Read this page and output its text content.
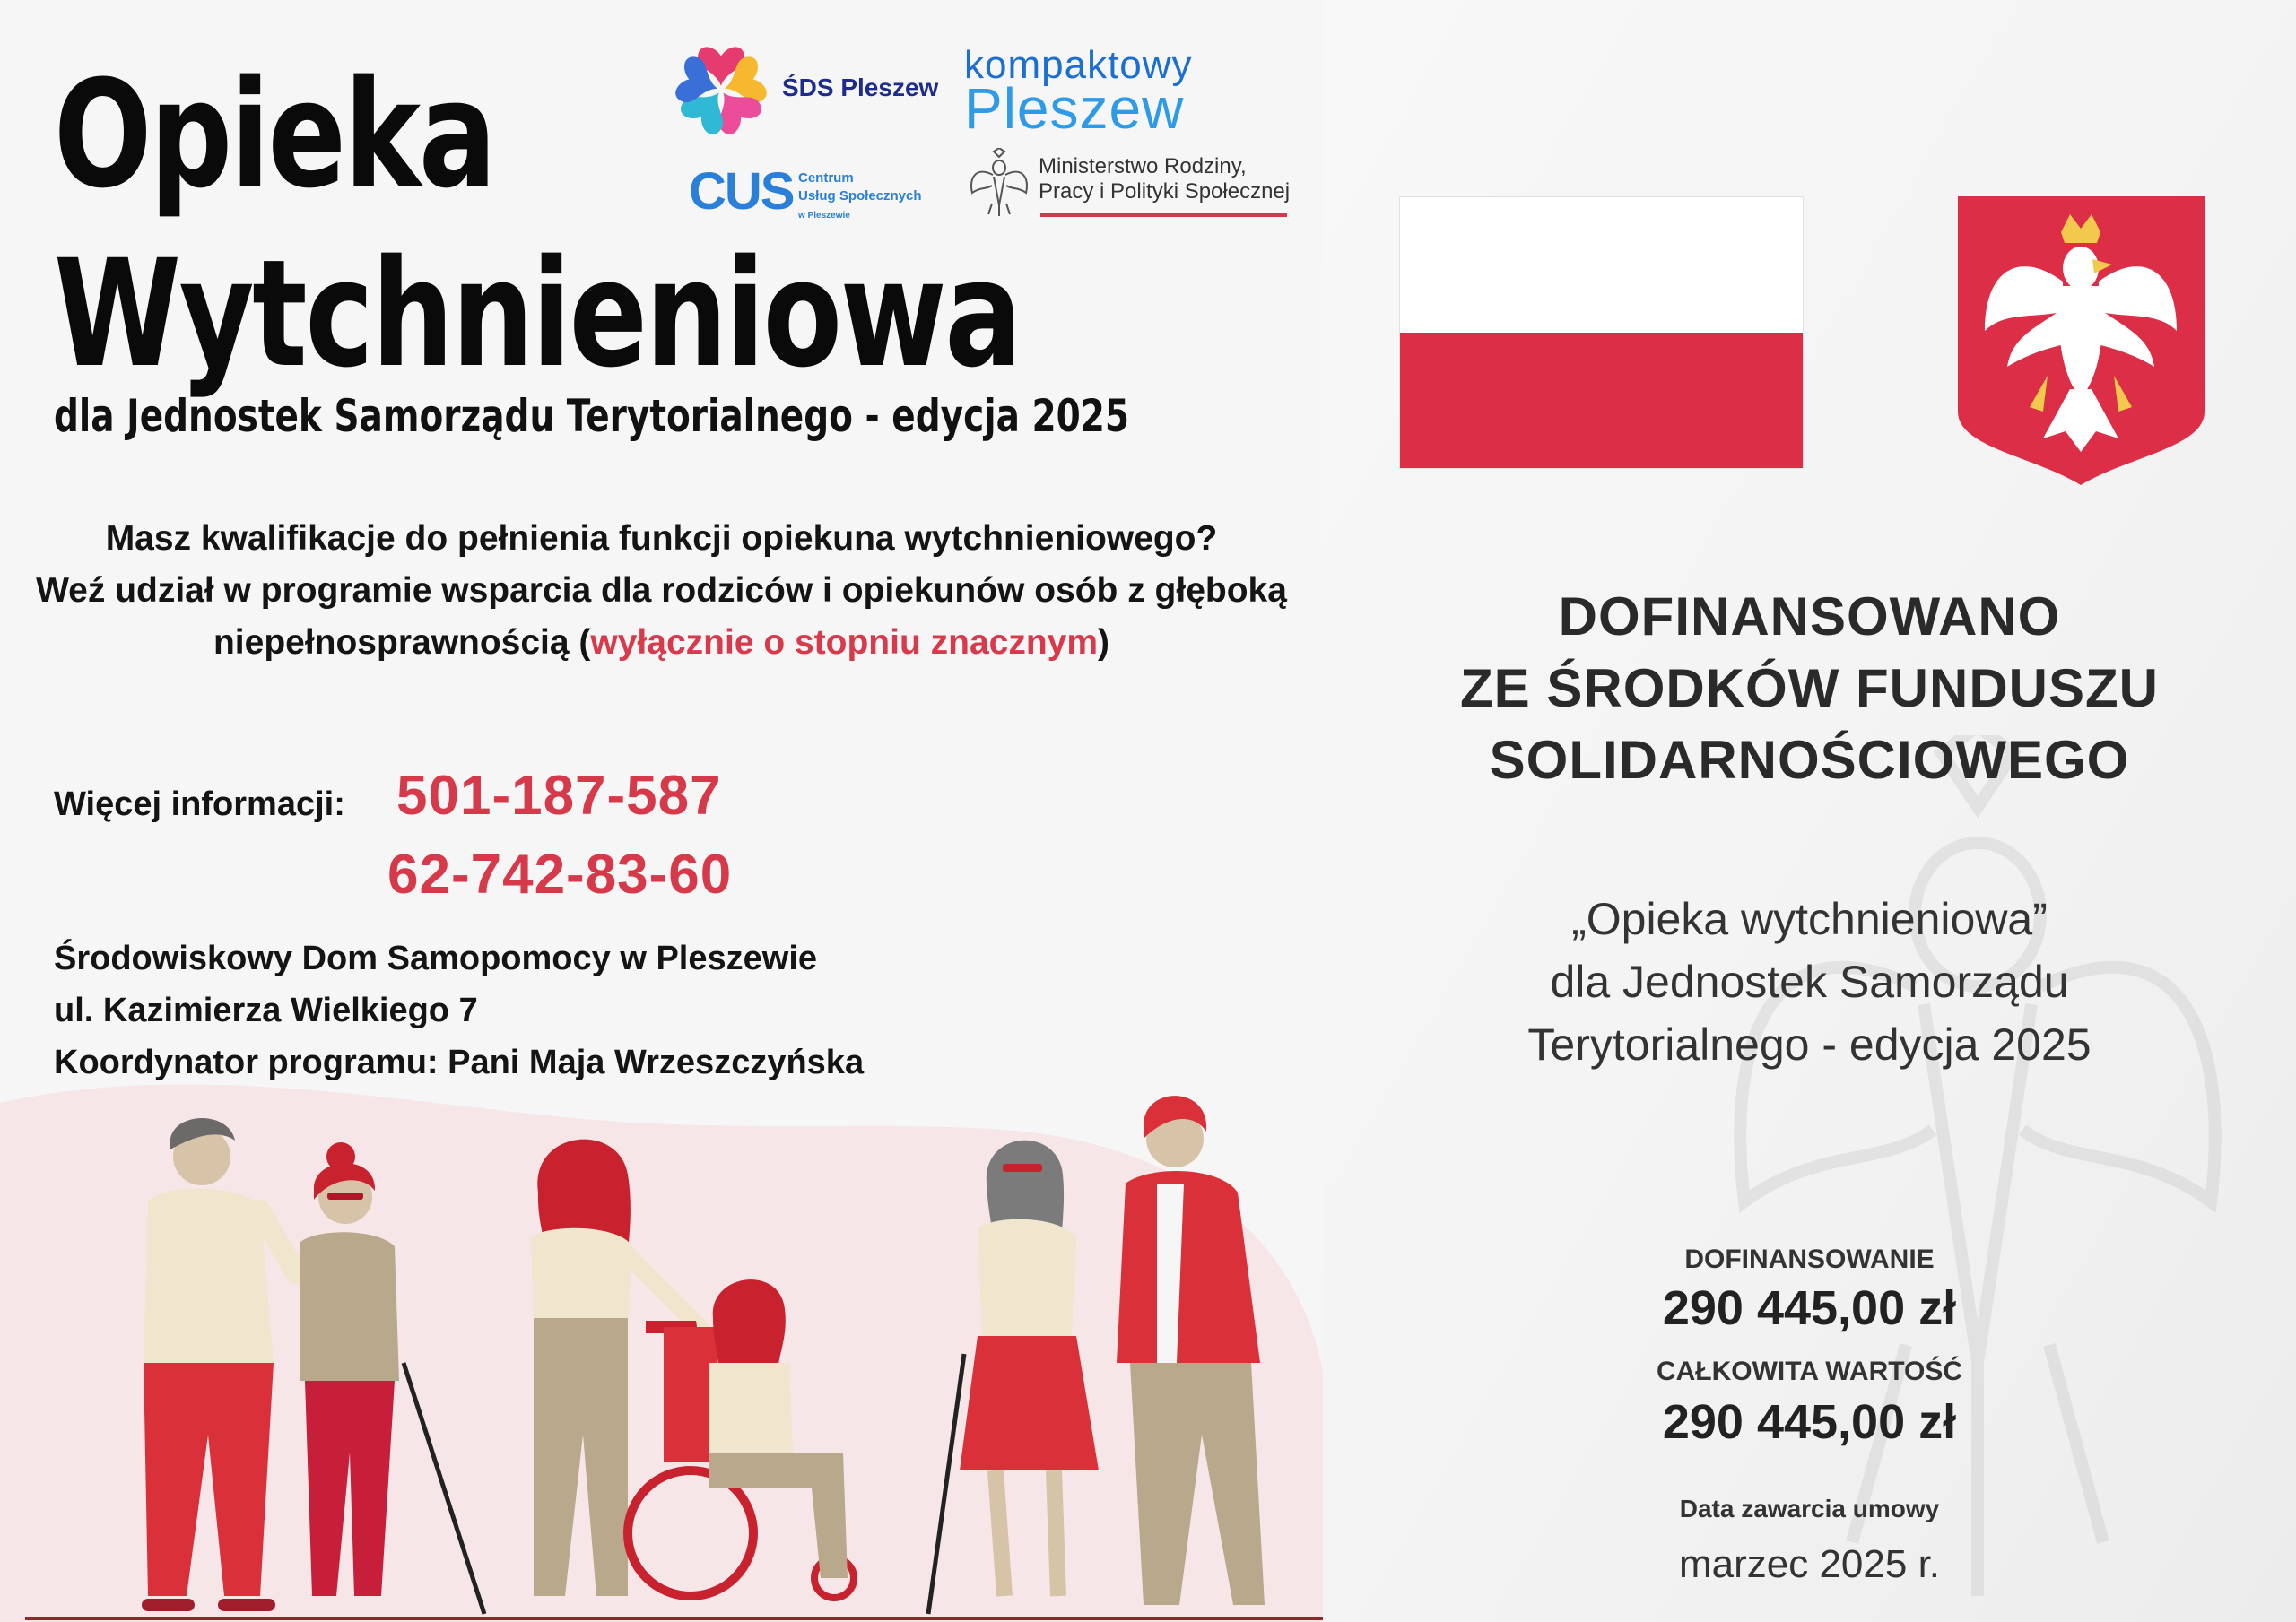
Opieka
Wytchnieniowa
dla Jednostek Samorządu Terytorialnego - edycja 2025
ŚDS Pleszew
kompaktowy
Pleszew
CUS Centrum
Usług Społecznych
w Pleszewie
Ministerstwo Rodziny,
Pracy i Polityki Społecznej
Masz kwalifikacje do pełnienia funkcji opiekuna wytchnieniowego?
Weź udział w programie wsparcia dla rodziców i opiekunów osób z głęboką
niepełnosprawnością (wyłącznie o stopniu znacznym)
Więcej informacji: 501-187-587
62-742-83-60
Środowiskowy Dom Samopomocy w Pleszewie
ul. Kazimierza Wielkiego 7
Koordynator programu: Pani Maja Wrzeszczyńska
DOFINANSOWANO
ZE ŚRODKÓW FUNDUSZU
SOLIDARNOŚCIOWEGO
„Opieka wytchnieniowa”
dla Jednostek Samorządu
Terytorialnego - edycja 2025
DOFINANSOWANIE
290 445,00 zł
CAŁKOWITA WARTOŚĆ
290 445,00 zł
Data zawarcia umowy
marzec 2025 r.
